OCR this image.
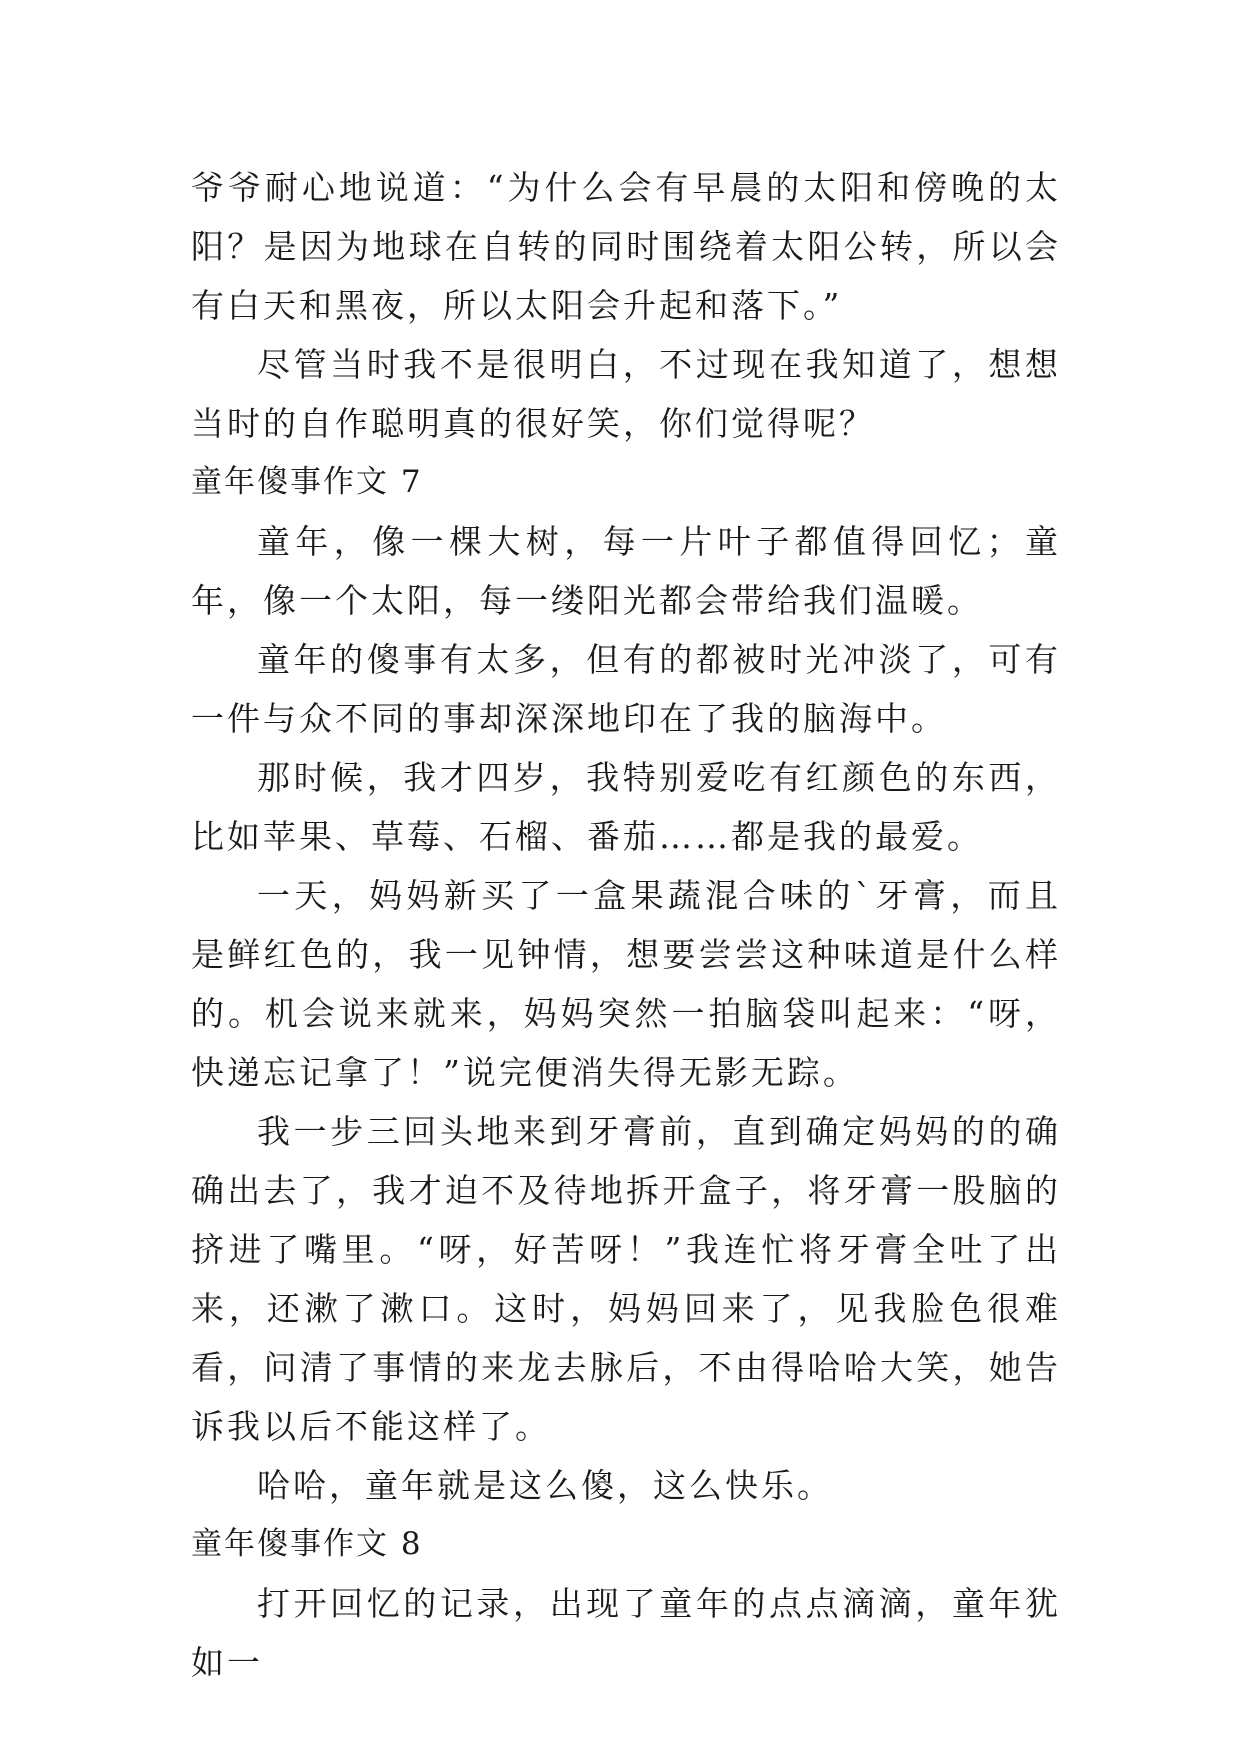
爷爷耐心地说道：“为什么会有早晨的太阳和傍晚的太阳？是因为地球在自转的同时围绕着太阳公转，所以会有白天和黑夜，所以太阳会升起和落下。”

尽管当时我不是很明白，不过现在我知道了，想想当时的自作聪明真的很好笑，你们觉得呢？

童年傻事作文 7

童年，像一棵大树，每一片叶子都值得回忆；童年，像一个太阳，每一缕阳光都会带给我们温暖。

童年的傻事有太多，但有的都被时光冲淡了，可有一件与众不同的事却深深地印在了我的脑海中。

那时候，我才四岁，我特别爱吃有红颜色的东西，比如苹果、草莓、石榴、番茄……都是我的最爱。

一天，妈妈新买了一盒果蔬混合味的`牙膏，而且是鲜红色的，我一见钟情，想要尝尝这种味道是什么样的。机会说来就来，妈妈突然一拍脑袋叫起来：“呀，快递忘记拿了！”说完便消失得无影无踪。

我一步三回头地来到牙膏前，直到确定妈妈的的确确出去了，我才迫不及待地拆开盒子，将牙膏一股脑的挤进了嘴里。“呀，好苦呀！”我连忙将牙膏全吐了出来，还漱了漱口。这时，妈妈回来了，见我脸色很难看，问清了事情的来龙去脉后，不由得哈哈大笑，她告诉我以后不能这样了。

哈哈，童年就是这么傻，这么快乐。

童年傻事作文 8

打开回忆的记录，出现了童年的点点滴滴，童年犹如一
